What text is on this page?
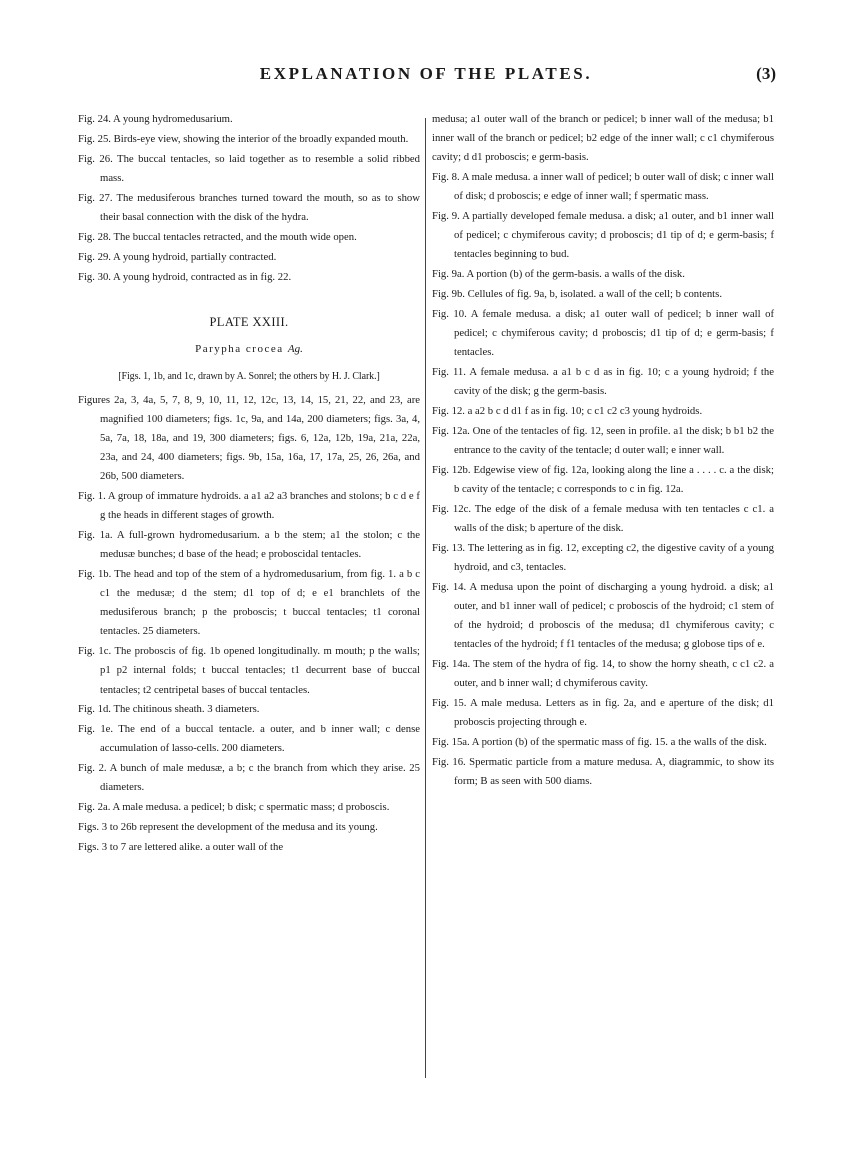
EXPLANATION OF THE PLATES.	(3)

Fig. 24. A young hydromedusarium.

Fig. 25. Birds-eye view, showing the interior of the broadly expanded mouth.

Fig. 26. The buccal tentacles, so laid together as to resemble a solid ribbed mass.

Fig. 27. The medusiferous branches turned toward the mouth, so as to show their basal connection with the disk of the hydra.

Fig. 28. The buccal tentacles retracted, and the mouth wide open.

Fig. 29. A young hydroid, partially contracted.

Fig. 30. A young hydroid, contracted as in fig. 22.

PLATE XXIII.
Parypha crocea Ag.
[Figs. 1, 1b, and 1c, drawn by A. Sonrel; the others by H. J. Clark.]

Figures 2a, 3, 4a, 5, 7, 8, 9, 10, 11, 12, 12c, 13, 14, 15, 21, 22, and 23, are magnified 100 diameters; figs. 1c, 9a, and 14a, 200 diameters; figs. 3a, 4, 5a, 7a, 18, 18a, and 19, 300 diameters; figs. 6, 12a, 12b, 19a, 21a, 22a, 23a, and 24, 400 diameters; figs. 9b, 15a, 16a, 17, 17a, 25, 26, 26a, and 26b, 500 diameters.

Fig. 1. A group of immature hydroids. a a1 a2 a3 branches and stolons; b c d e f g the heads in different stages of growth.

Fig. 1a. A full-grown hydromedusarium. a b the stem; a1 the stolon; c the medusæ bunches; d base of the head; e proboscidal tentacles.

Fig. 1b. The head and top of the stem of a hydromedusarium, from fig. 1. a b c c1 the medusæ; d the stem; d1 top of d; e e1 branchlets of the medusiferous branch; p the proboscis; t buccal tentacles; t1 coronal tentacles. 25 diameters.

Fig. 1c. The proboscis of fig. 1b opened longitudinally. m mouth; p the walls; p1 p2 internal folds; t buccal tentacles; t1 decurrent base of buccal tentacles; t2 centripetal bases of buccal tentacles.

Fig. 1d. The chitinous sheath. 3 diameters.

Fig. 1e. The end of a buccal tentacle. a outer, and b inner wall; c dense accumulation of lasso-cells. 200 diameters.

Fig. 2. A bunch of male medusæ, a b; c the branch from which they arise. 25 diameters.

Fig. 2a. A male medusa. a pedicel; b disk; c spermatic mass; d proboscis.

Figs. 3 to 26b represent the development of the medusa and its young.

Figs. 3 to 7 are lettered alike. a outer wall of the

medusa; a1 outer wall of the branch or pedicel; b inner wall of the medusa; b1 inner wall of the branch or pedicel; b2 edge of the inner wall; c c1 chymiferous cavity; d d1 proboscis; e germ-basis.

Fig. 8. A male medusa. a inner wall of pedicel; b outer wall of disk; c inner wall of disk; d proboscis; e edge of inner wall; f spermatic mass.

Fig. 9. A partially developed female medusa. a disk; a1 outer, and b1 inner wall of pedicel; c chymiferous cavity; d proboscis; d1 tip of d; e germ-basis; f tentacles beginning to bud.

Fig. 9a. A portion (b) of the germ-basis. a walls of the disk.

Fig. 9b. Cellules of fig. 9a, b, isolated. a wall of the cell; b contents.

Fig. 10. A female medusa. a disk; a1 outer wall of pedicel; b inner wall of pedicel; c chymiferous cavity; d proboscis; d1 tip of d; e germ-basis; f tentacles.

Fig. 11. A female medusa. a a1 b c d as in fig. 10; c a young hydroid; f the cavity of the disk; g the germ-basis.

Fig. 12. a a2 b c d d1 f as in fig. 10; c c1 c2 c3 young hydroids.

Fig. 12a. One of the tentacles of fig. 12, seen in profile. a1 the disk; b b1 b2 the entrance to the cavity of the tentacle; d outer wall; e inner wall.

Fig. 12b. Edgewise view of fig. 12a, looking along the line a . . . . c. a the disk; b cavity of the tentacle; c corresponds to c in fig. 12a.

Fig. 12c. The edge of the disk of a female medusa with ten tentacles c c1. a walls of the disk; b aperture of the disk.

Fig. 13. The lettering as in fig. 12, excepting c2, the digestive cavity of a young hydroid, and c3, tentacles.

Fig. 14. A medusa upon the point of discharging a young hydroid. a disk; a1 outer, and b1 inner wall of pedicel; c proboscis of the hydroid; c1 stem of of the hydroid; d proboscis of the medusa; d1 chymiferous cavity; c tentacles of the hydroid; f f1 tentacles of the medusa; g globose tips of e.

Fig. 14a. The stem of the hydra of fig. 14, to show the horny sheath, c c1 c2. a outer, and b inner wall; d chymiferous cavity.

Fig. 15. A male medusa. Letters as in fig. 2a, and e aperture of the disk; d1 proboscis projecting through e.

Fig. 15a. A portion (b) of the spermatic mass of fig. 15. a the walls of the disk.

Fig. 16. Spermatic particle from a mature medusa. A, diagrammic, to show its form; B as seen with 500 diams.
